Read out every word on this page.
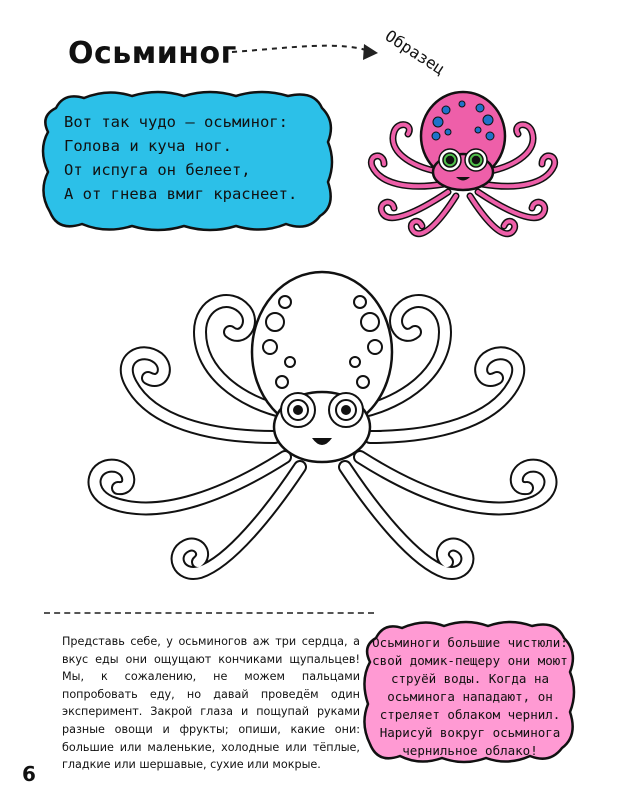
Осьминог	Образец
Вот так чудо – осьминог:
Голова и куча ног.
От испуга он белеет,
А от гнева вмиг краснеет.
Представь себе, у осьминогов аж три сердца, а вкус еды они ощущают кончиками щупальцев! Мы, к сожалению, не можем пальцами попробовать еду, но давай проведём один эксперимент. Закрой глаза и пощупай руками разные овощи и фрукты; опиши, какие они: большие или маленькие, холодные или тёплые, гладкие или шершавые, сухие или мокрые.
Осьминоги большие чистюли: свой домик-пещеру они моют струёй воды. Когда на осьминога нападают, он стреляет облаком чернил. Нарисуй вокруг осьминога чернильное облако!
6
